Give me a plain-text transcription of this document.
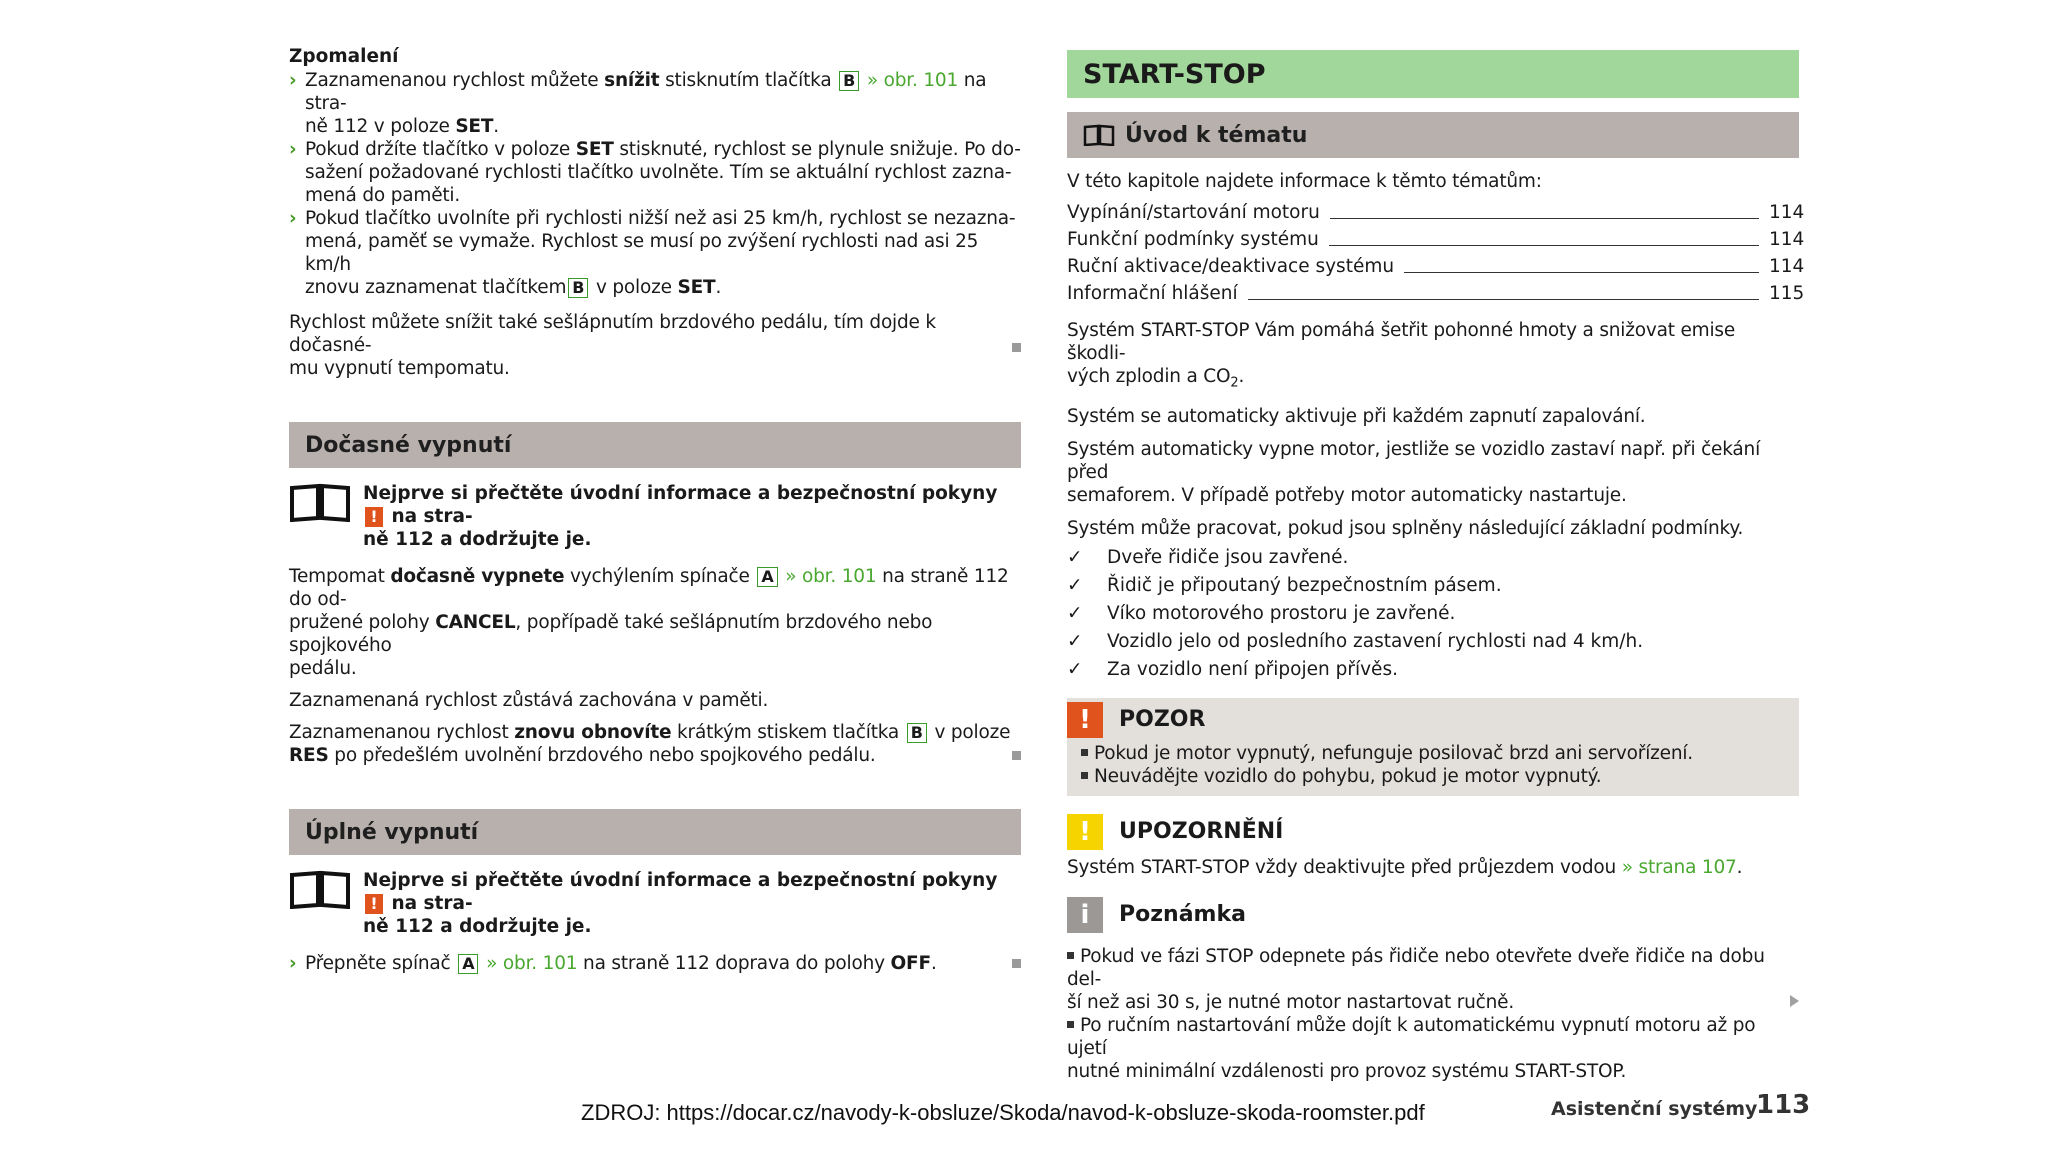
Zpomalení

› Zaznamenanou rychlost můžete snížit stisknutím tlačítka B » obr. 101 na stra-
ně 112 v poloze SET.
› Pokud držíte tlačítko v poloze SET stisknuté, rychlost se plynule snižuje. Po do-
sažení požadované rychlosti tlačítko uvolněte. Tím se aktuální rychlost zazna-
mená do paměti.
› Pokud tlačítko uvolníte při rychlosti nižší než asi 25 km/h, rychlost se nezazna-
mená, paměť se vymaže. Rychlost se musí po zvýšení rychlosti nad asi 25 km/h
znovu zaznamenat tlačítkem B v poloze SET.

Rychlost můžete snížit také sešlápnutím brzdového pedálu, tím dojde k dočasné-
mu vypnutí tempomatu.

Dočasné vypnutí
Nejprve si přečtěte úvodní informace a bezpečnostní pokyny ! na stra-
ně 112 a dodržujte je.

Tempomat dočasně vypnete vychýlením spínače A » obr. 101 na straně 112 do od-
pružené polohy CANCEL, popřípadě také sešlápnutím brzdového nebo spojkového
pedálu.

Zaznamenaná rychlost zůstává zachována v paměti.

Zaznamenanou rychlost znovu obnovíte krátkým stiskem tlačítka B v poloze
RES po předešlém uvolnění brzdového nebo spojkového pedálu.

Úplné vypnutí
Nejprve si přečtěte úvodní informace a bezpečnostní pokyny ! na stra-
ně 112 a dodržujte je.
› Přepněte spínač A » obr. 101 na straně 112 doprava do polohy OFF.
START-STOP
Úvod k tématu

V této kapitole najdete informace k těmto tématům:

Vypínání/startování motoru	114
Funkční podmínky systému	114
Ruční aktivace/deaktivace systému	114
Informační hlášení	115

Systém START-STOP Vám pomáhá šetřit pohonné hmoty a snižovat emise škodli-
vých zplodin a $CO_2$.

Systém se automaticky aktivuje při každém zapnutí zapalování.

Systém automaticky vypne motor, jestliže se vozidlo zastaví např. při čekání před
semaforem. V případě potřeby motor automaticky nastartuje.

Systém může pracovat, pokud jsou splněny následující základní podmínky.

✓ Dveře řidiče jsou zavřené.
✓ Řidič je připoutaný bezpečnostním pásem.
✓ Víko motorového prostoru je zavřené.
✓ Vozidlo jelo od posledního zastavení rychlosti nad 4 km/h.
✓ Za vozidlo není připojen přívěs.
!	POZOR
Pokud je motor vypnutý, nefunguje posilovač brzd ani servořízení.
Neuvádějte vozidlo do pohybu, pokud je motor vypnutý.
!	UPOZORNĚNÍ

Systém START-STOP vždy deaktivujte před průjezdem vodou » strana 107.

i	Poznámka

Pokud ve fázi STOP odepnete pás řidiče nebo otevřete dveře řidiče na dobu del-
ší než asi 30 s, je nutné motor nastartovat ručně.
Po ručním nastartování může dojít k automatickému vypnutí motoru až po ujetí
nutné minimální vzdálenosti pro provoz systému START-STOP.

ZDROJ: https://docar.cz/navody-k-obsluze/Skoda/navod-k-obsluze-skoda-roomster.pdf	Asistenční systémy
113
